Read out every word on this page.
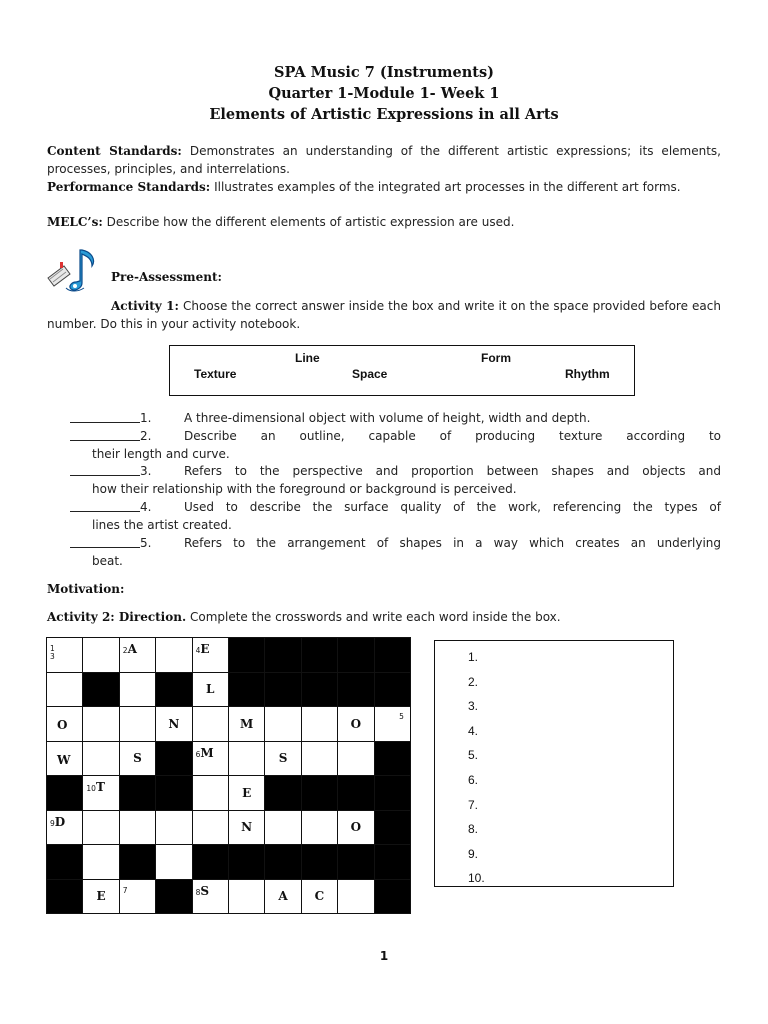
SPA Music 7 (Instruments)
Quarter 1-Module 1- Week 1
Elements of Artistic Expressions in all Arts
Content Standards: Demonstrates an understanding of the different artistic expressions; its elements, processes, principles, and interrelations.
Performance Standards: Illustrates examples of the integrated art processes in the different art forms.
MELC’s: Describe how the different elements of artistic expression are used.
Pre-Assessment:
Activity 1: Choose the correct answer inside the box and write it on the space provided before each number. Do this in your activity notebook.
Line	Form
Texture	Space	Rhythm
1.	A three-dimensional object with volume of height, width and depth.
2.	Describe an outline, capable of producing texture according to
their length and curve.
3.	Refers to the perspective and proportion between shapes and objects and
how their relationship with the foreground or background is perceived.
4.	Used to describe the surface quality of the work, referencing the types of
lines the artist created.
5.	Refers to the arrangement of shapes in a way which creates an underlying
beat.
Motivation:
Activity 2: Direction. Complete the crosswords and write each word inside the box.
1
3		2A		4E					

				L					

O			N		M			O	5

W		S		6M		S			

	10T				E				

9D					N			O	

	E	7		8S		A	C		
1.
2.
3.
4.
5.
6.
7.
8.
9.
10.
1
